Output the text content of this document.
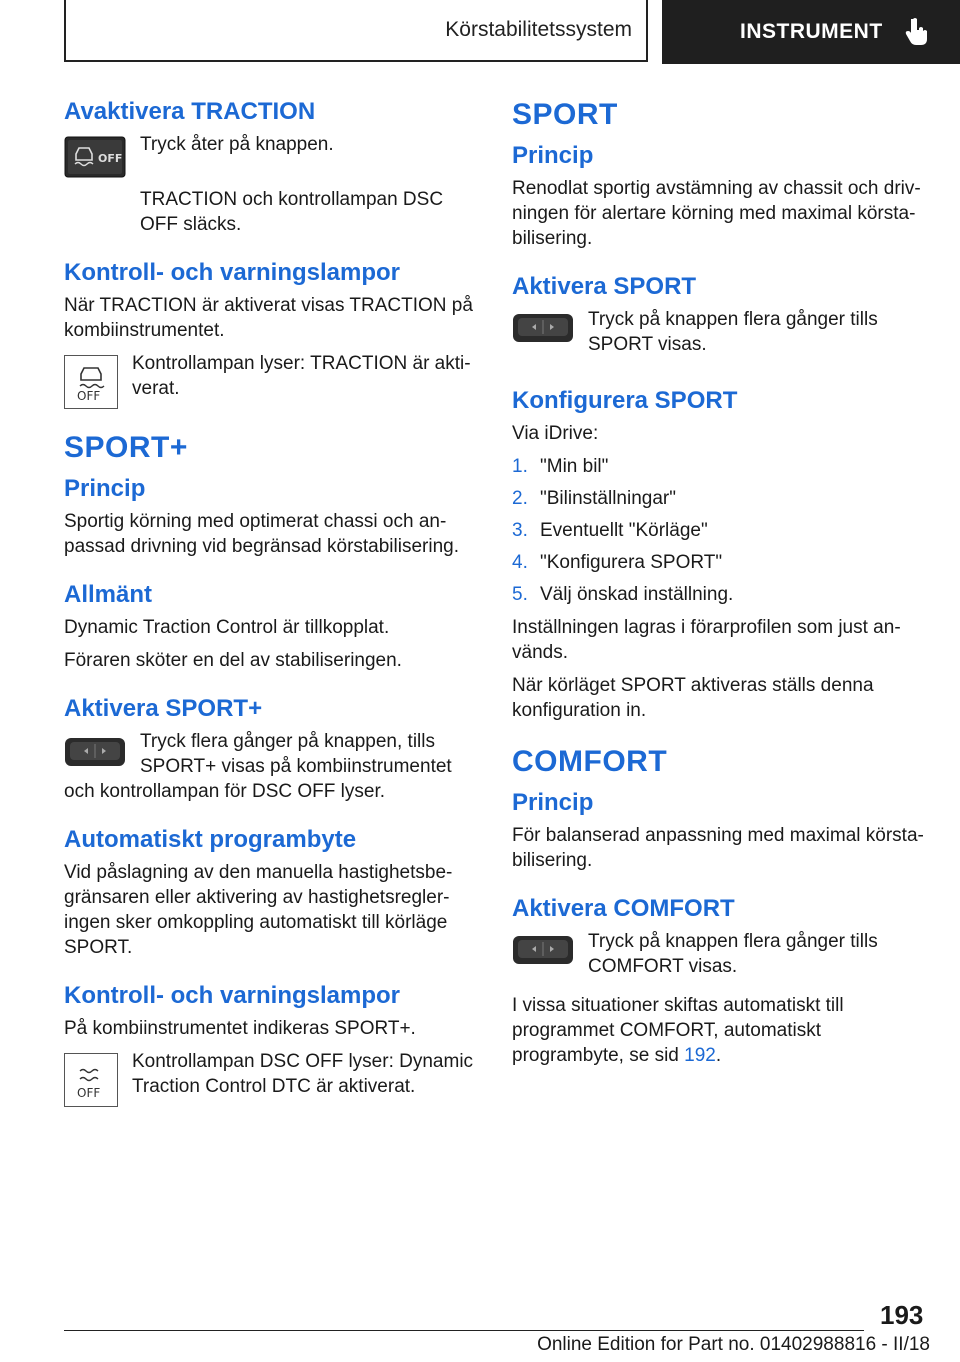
Körstabilitetssystem	INSTRUMENT
Avaktivera TRACTION
OFF

Tryck åter på knappen.

TRACTION och kontrollampan DSC OFF släcks.

Kontroll- och varningslampor

När TRACTION är aktiverat visas TRACTION på kombiinstrumentet.

OFF

Kontrollampan lyser: TRACTION är aktiverat.

SPORT+
Princip

Sportig körning med optimerat chassi och anpassad drivning vid begränsad körstabilisering.

Allmänt

Dynamic Traction Control är tillkopplat.

Föraren sköter en del av stabiliseringen.

Aktivera SPORT+

Tryck flera gånger på knappen, tills SPORT+ visas på kombiinstrumentet och kontrollampan för DSC OFF lyser.

Automatiskt programbyte

Vid påslagning av den manuella hastighetsbegränsaren eller aktivering av hastighetsregleringen sker omkoppling automatiskt till körläge SPORT.

Kontroll- och varningslampor

På kombiinstrumentet indikeras SPORT+.

OFF

Kontrollampan DSC OFF lyser: Dynamic Traction Control DTC är aktiverat.

SPORT
Princip

Renodlat sportig avstämning av chassit och drivningen för alertare körning med maximal körstabilisering.

Aktivera SPORT

Tryck på knappen flera gånger tills SPORT visas.

Konfigurera SPORT

Via iDrive:

1. "Min bil"
2. "Bilinställningar"
3. Eventuellt "Körläge"
4. "Konfigurera SPORT"
5. Välj önskad inställning.

Inställningen lagras i förarprofilen som just används.

När körläget SPORT aktiveras ställs denna konfiguration in.

COMFORT
Princip

För balanserad anpassning med maximal körstabilisering.

Aktivera COMFORT

Tryck på knappen flera gånger tills COMFORT visas.

I vissa situationer skiftas automatiskt till programmet COMFORT, automatiskt programbyte, se sid 192.

193
Online Edition for Part no. 01402988816 - II/18
